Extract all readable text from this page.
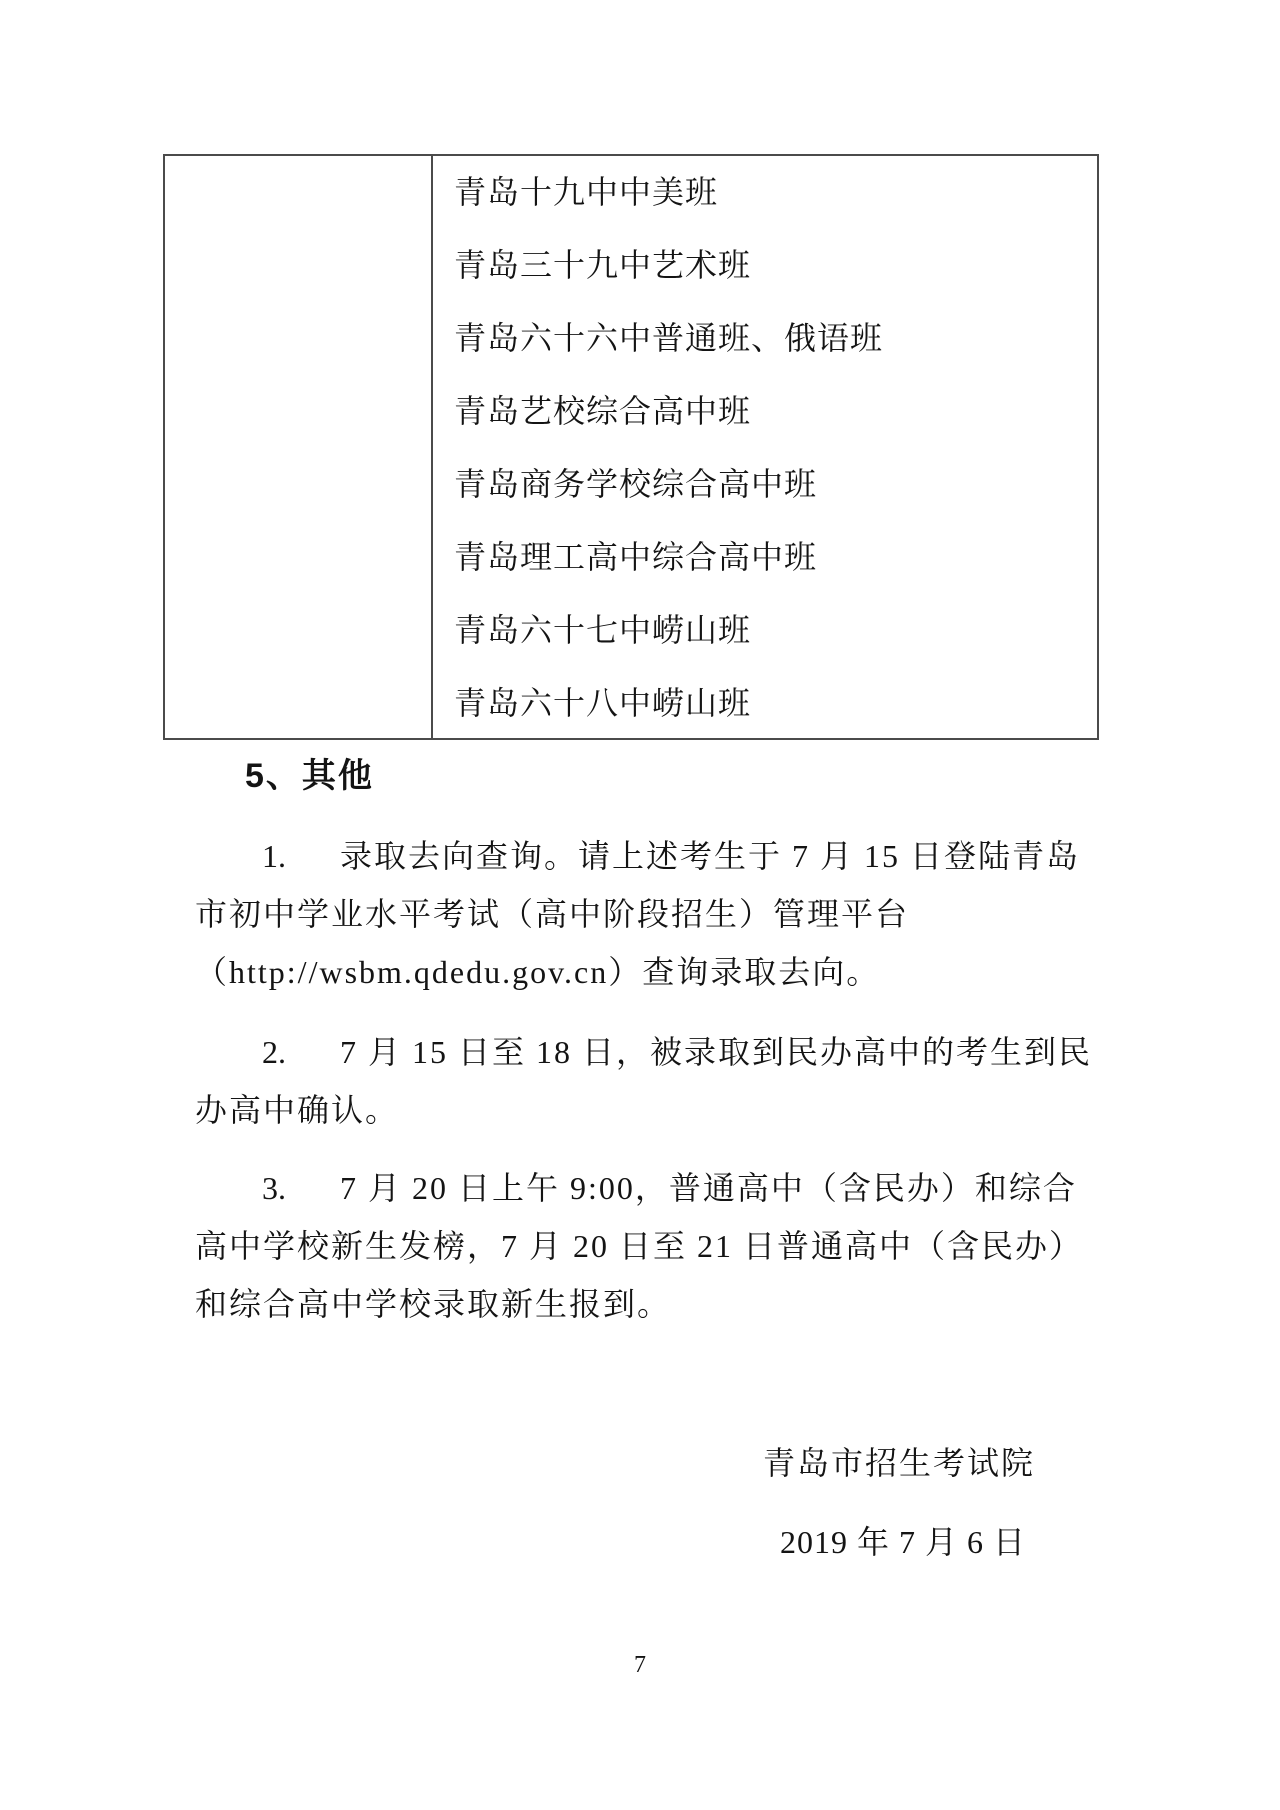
青岛十九中中美班
青岛三十九中艺术班
青岛六十六中普通班、俄语班
青岛艺校综合高中班
青岛商务学校综合高中班
青岛理工高中综合高中班
青岛六十七中崂山班
青岛六十八中崂山班
5、其他
1. 录取去向查询。请上述考生于 7 月 15 日登陆青岛
市初中学业水平考试（高中阶段招生）管理平台
（http://wsbm.qdedu.gov.cn）查询录取去向。
2. 7 月 15 日至 18 日，被录取到民办高中的考生到民
办高中确认。
3. 7 月 20 日上午 9:00，普通高中（含民办）和综合
高中学校新生发榜，7 月 20 日至 21 日普通高中（含民办）
和综合高中学校录取新生报到。
青岛市招生考试院
2019 年 7 月 6 日
7
